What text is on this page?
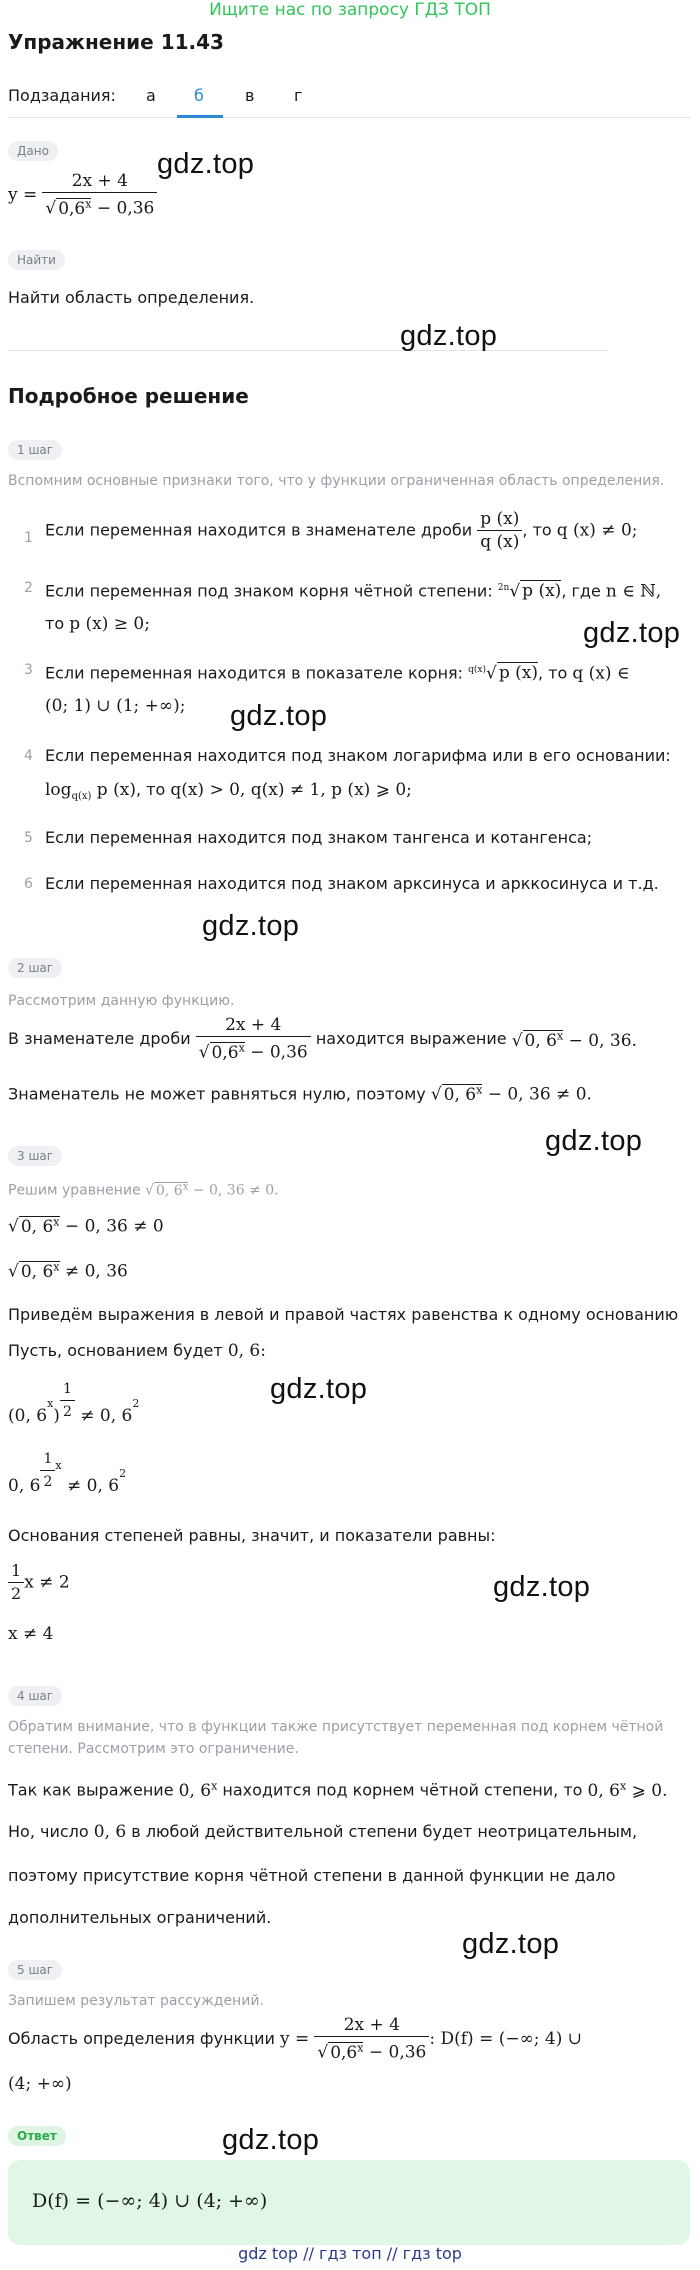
Ищите нас по запросу ГДЗ ТОП
Упражнение 11.43
Подзадания: а б	в г
Дано
$y = \frac{2x + 4}{√ 0,6^x - 0,36}$
Найти
Найти область определения.
Подробное решение
1 шаг
Вспомним основные признаки того, что у функции ограниченная область определения.
1 Если переменная находится в знаменателе дроби $\frac{p (x)}{q (x)}$ , то q (x) ≠ 0;
2 Если переменная под знаком корня чётной степени: $^{2n}$√ p (x), где n ∈ ℕ,
то p (x) ≥ 0;
3 Если переменная находится в показателе корня: $^{q(x)}$√ p (x), то q (x) ∈
(0; 1) ∪ (1; +∞);
4 Если переменная находится под знаком логарифма или в его основании:
$\log_{q(x)} p$ (x), то q(x) > 0, q(x) ≠ 1, p (x) ⩾ 0;
5 Если переменная находится под знаком тангенса и котангенса;
6 Если переменная находится под знаком арксинуса и арккосинуса и т.д.
2 шаг
Рассмотрим данную функцию.
В знаменателе дроби $\frac{2x + 4}{√ 0,6^x - 0,36}$ находится выражение √ 0, $6^x - 0$, 36.
Знаменатель не может равняться нулю, поэтому √ 0, $6^x - 0$, 36 ≠ 0.
3 шаг
Решим уравнение √ 0, $6^x - 0$, 36 ≠ 0.
√ 0, $6^x - 0$, 36 ≠ 0
√ 0, $6^x \ne 0$, 36
Приведём выражения в левой и правой частях равенства к одному основанию
Пусть, основанием будет 0, 6:
(0, $6^x) \frac{1}{2} \ne 0$, $6^2$
0, $6 \frac{1}{2} _x \ne 0$, $6^2$
Основания степеней равны, значит, и показатели равны:
$\frac{1}{2}$ x ≠ 2
x ≠ 4
4 шаг
Обратим внимание, что в функции также присутствует переменная под корнем чётной степени. Рассмотрим это ограничение.
Так как выражение 0, 6$^x$ находится под корнем чётной степени, то 0, 6$^x$ ⩾ 0.
Но, число 0, 6 в любой действительной степени будет неотрицательным,
поэтому присутствие корня чётной степени в данной функции не дало
дополнительных ограничений.
5 шаг
Запишем результат рассуждений.
Область определения функции $y = \frac{2x + 4}{√ 0,6^x - 0,36}$ : D(f) = (−∞; 4) ∪
(4; +∞)
Ответ
D(f) = (−∞; 4) ∪ (4; +∞)
gdz.top
gdz.top
gdz.top
gdz.top
gdz.top
gdz.top
gdz.top
gdz.top
gdz.top
gdz.top
gdz top // гдз топ // гдз top
